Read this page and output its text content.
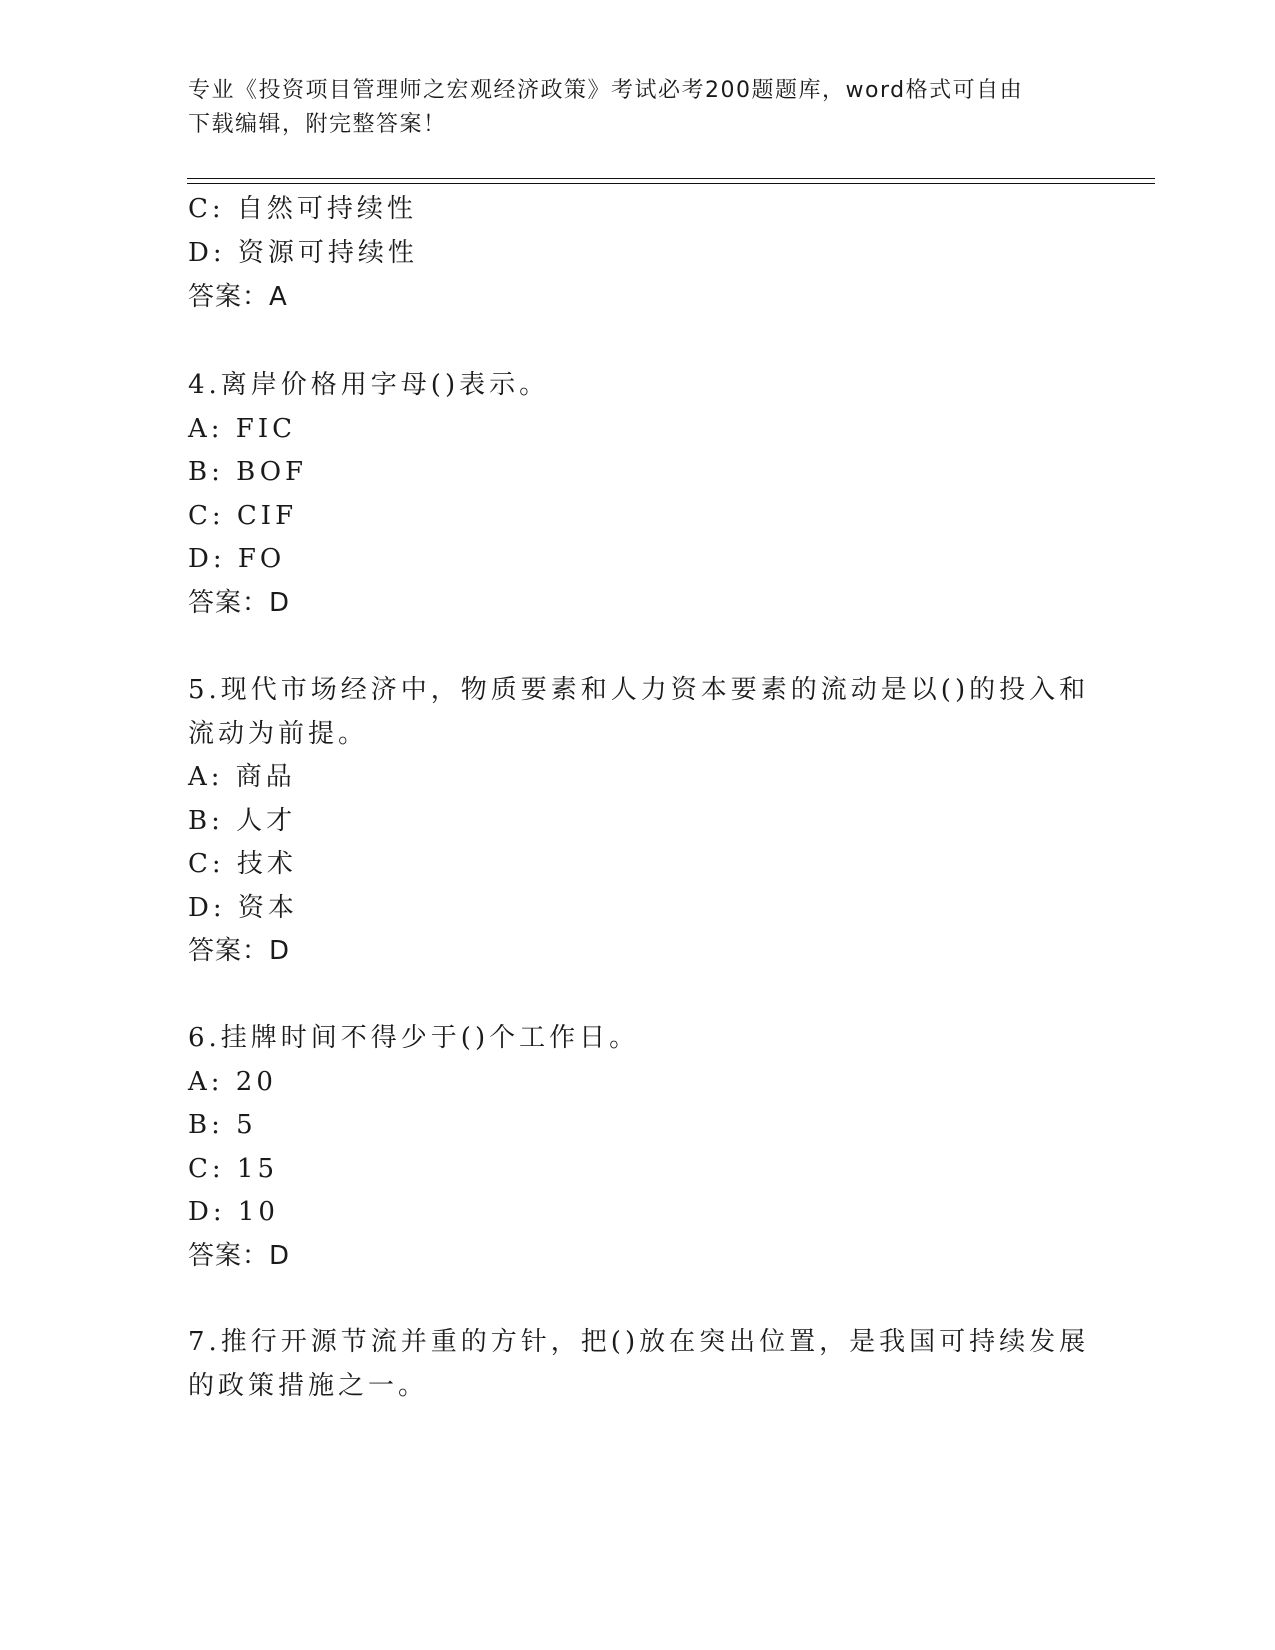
专业《投资项目管理师之宏观经济政策》考试必考200题题库，word格式可自由
下载编辑，附完整答案！
C: 自然可持续性
D: 资源可持续性
答案：A
4.离岸价格用字母()表示。
A: FIC
B: BOF
C: CIF
D: FO
答案：D
5.现代市场经济中，物质要素和人力资本要素的流动是以()的投入和
流动为前提。
A: 商品
B: 人才
C: 技术
D: 资本
答案：D
6.挂牌时间不得少于()个工作日。
A: 20
B: 5
C: 15
D: 10
答案：D
7.推行开源节流并重的方针，把()放在突出位置，是我国可持续发展
的政策措施之一。
